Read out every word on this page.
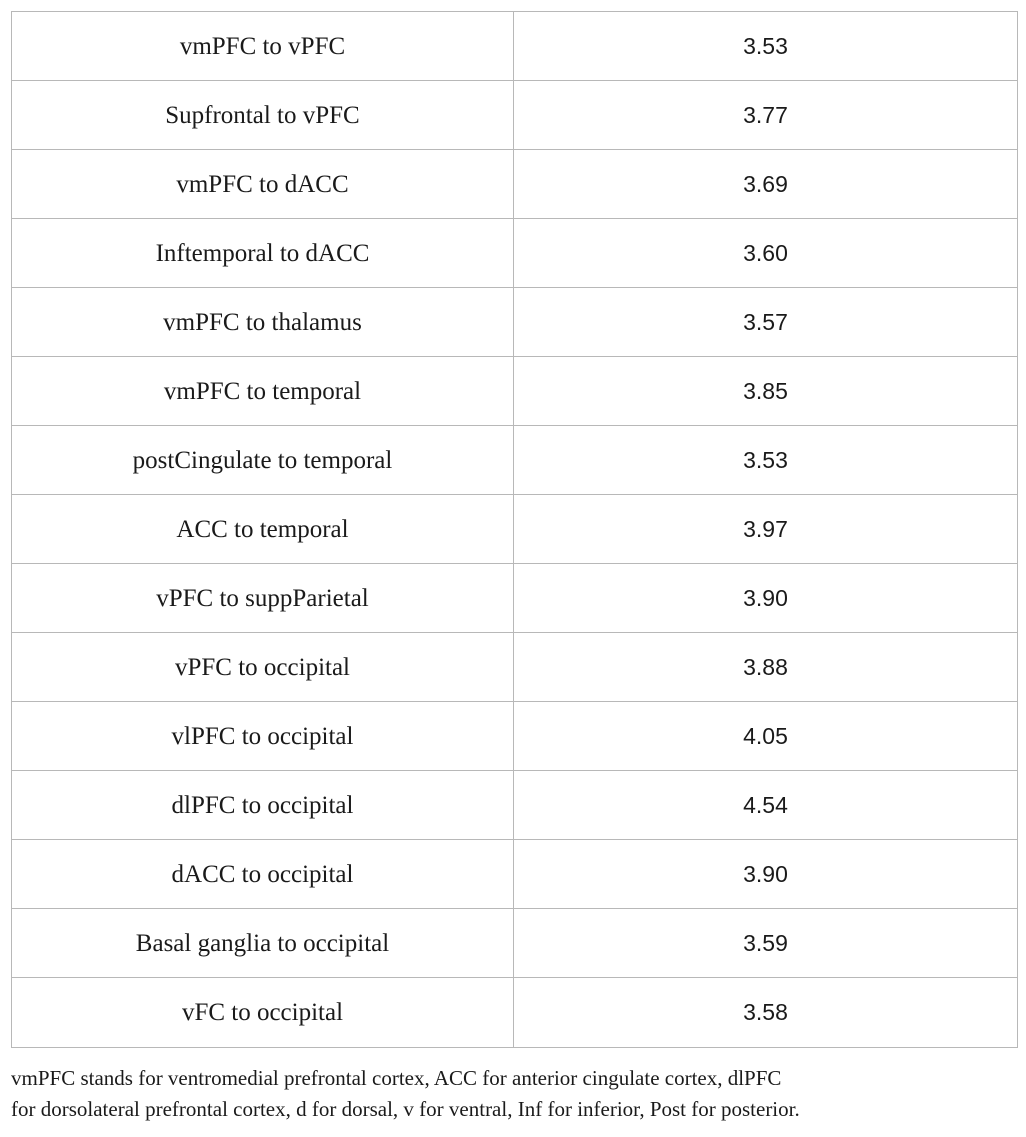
vmPFC to vPFC	3.53
Supfrontal to vPFC	3.77
vmPFC to dACC	3.69
Inftemporal to dACC	3.60
vmPFC to thalamus	3.57
vmPFC to temporal	3.85
postCingulate to temporal	3.53
ACC to temporal	3.97
vPFC to suppParietal	3.90
vPFC to occipital	3.88
vlPFC to occipital	4.05
dlPFC to occipital	4.54
dACC to occipital	3.90
Basal ganglia to occipital	3.59
vFC to occipital	3.58
vmPFC stands for ventromedial prefrontal cortex, ACC for anterior cingulate cortex, dlPFC
for dorsolateral prefrontal cortex, d for dorsal, v for ventral, Inf for inferior, Post for posterior.
